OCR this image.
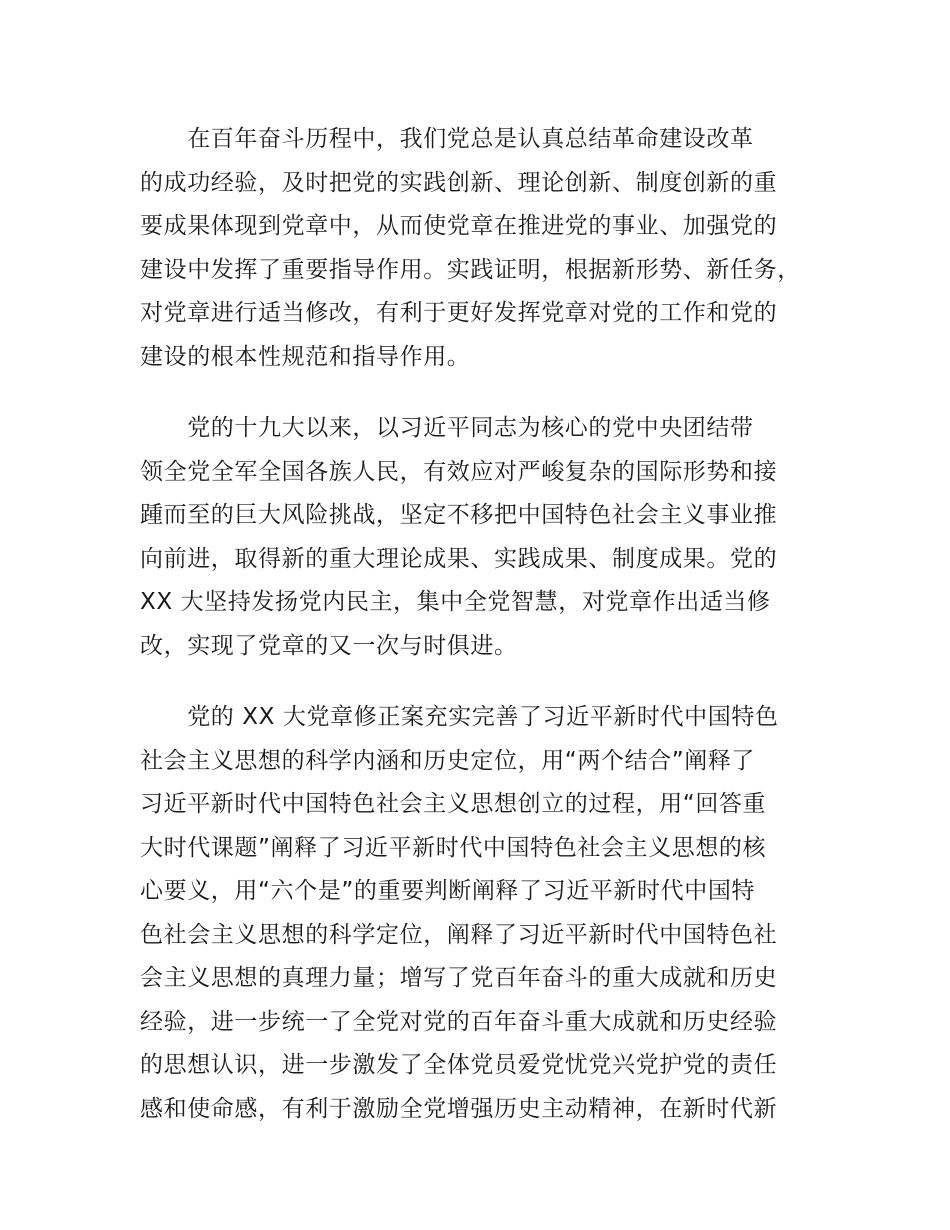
　　在百年奋斗历程中，我们党总是认真总结革命建设改革
的成功经验，及时把党的实践创新、理论创新、制度创新的重
要成果体现到党章中，从而使党章在推进党的事业、加强党的
建设中发挥了重要指导作用。实践证明，根据新形势、新任务，
对党章进行适当修改，有利于更好发挥党章对党的工作和党的
建设的根本性规范和指导作用。

　　党的十九大以来，以习近平同志为核心的党中央团结带
领全党全军全国各族人民，有效应对严峻复杂的国际形势和接
踵而至的巨大风险挑战，坚定不移把中国特色社会主义事业推
向前进，取得新的重大理论成果、实践成果、制度成果。党的
XX 大坚持发扬党内民主，集中全党智慧，对党章作出适当修
改，实现了党章的又一次与时俱进。

　　党的 XX 大党章修正案充实完善了习近平新时代中国特色
社会主义思想的科学内涵和历史定位，用“两个结合”阐释了
习近平新时代中国特色社会主义思想创立的过程，用“回答重
大时代课题”阐释了习近平新时代中国特色社会主义思想的核
心要义，用“六个是”的重要判断阐释了习近平新时代中国特
色社会主义思想的科学定位，阐释了习近平新时代中国特色社
会主义思想的真理力量；增写了党百年奋斗的重大成就和历史
经验，进一步统一了全党对党的百年奋斗重大成就和历史经验
的思想认识，进一步激发了全体党员爱党忧党兴党护党的责任
感和使命感，有利于激励全党增强历史主动精神，在新时代新
